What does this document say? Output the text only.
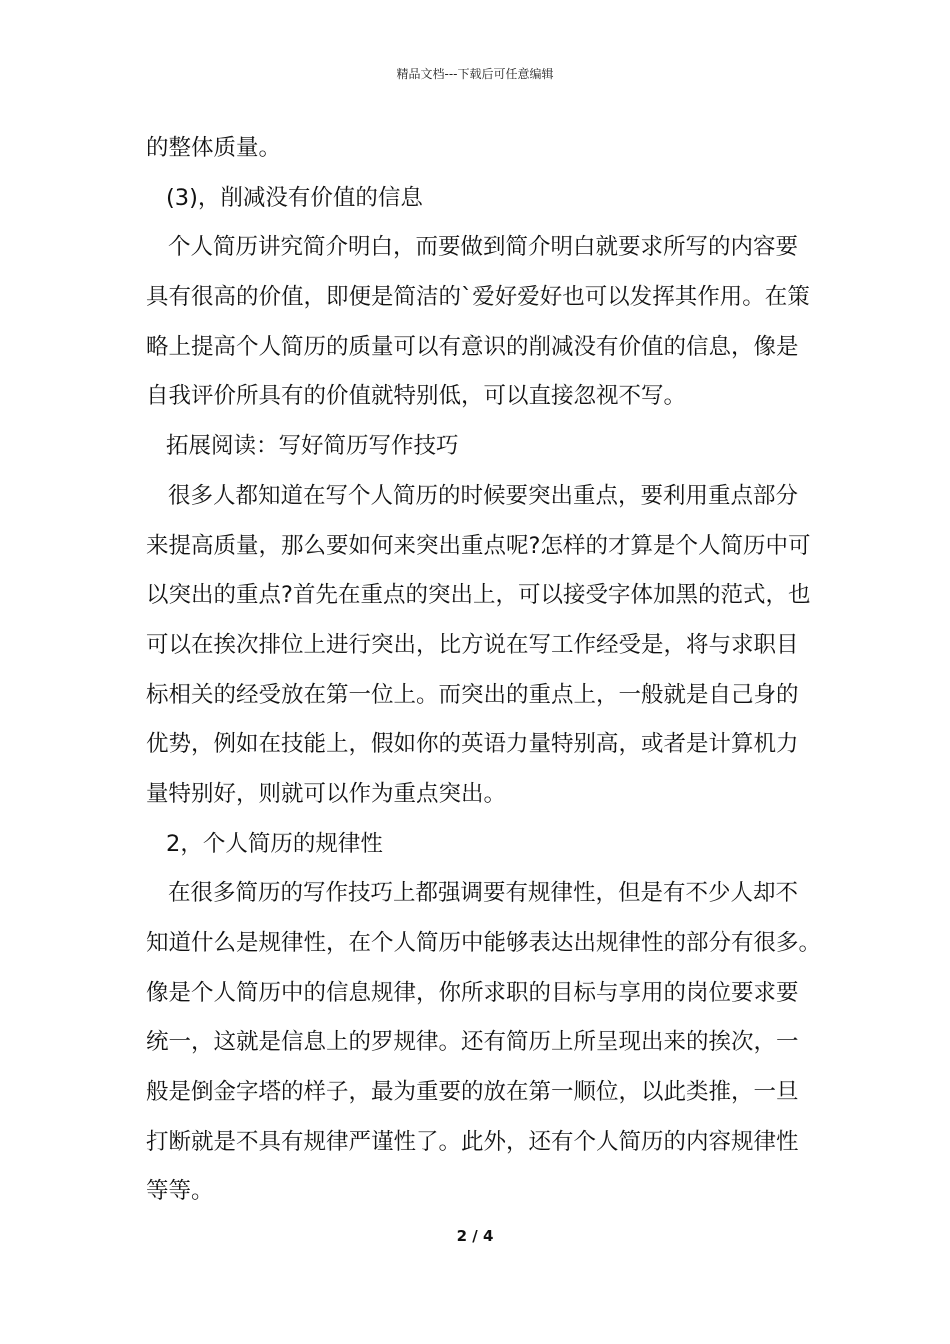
精品文档---下载后可任意编辑
的整体质量。
(3)，削减没有价值的信息
个人简历讲究简介明白，而要做到简介明白就要求所写的内容要
具有很高的价值，即便是简洁的`爱好爱好也可以发挥其作用。在策
略上提高个人简历的质量可以有意识的削减没有价值的信息，像是
自我评价所具有的价值就特别低，可以直接忽视不写。
拓展阅读：写好简历写作技巧
很多人都知道在写个人简历的时候要突出重点，要利用重点部分
来提高质量，那么要如何来突出重点呢?怎样的才算是个人简历中可
以突出的重点?首先在重点的突出上，可以接受字体加黑的范式，也
可以在挨次排位上进行突出，比方说在写工作经受是，将与求职目
标相关的经受放在第一位上。而突出的重点上，一般就是自己身的
优势，例如在技能上，假如你的英语力量特别高，或者是计算机力
量特别好，则就可以作为重点突出。
2，个人简历的规律性
在很多简历的写作技巧上都强调要有规律性，但是有不少人却不
知道什么是规律性，在个人简历中能够表达出规律性的部分有很多。
像是个人简历中的信息规律，你所求职的目标与享用的岗位要求要
统一，这就是信息上的罗规律。还有简历上所呈现出来的挨次，一
般是倒金字塔的样子，最为重要的放在第一顺位，以此类推，一旦
打断就是不具有规律严谨性了。此外，还有个人简历的内容规律性
等等。
2 / 4
